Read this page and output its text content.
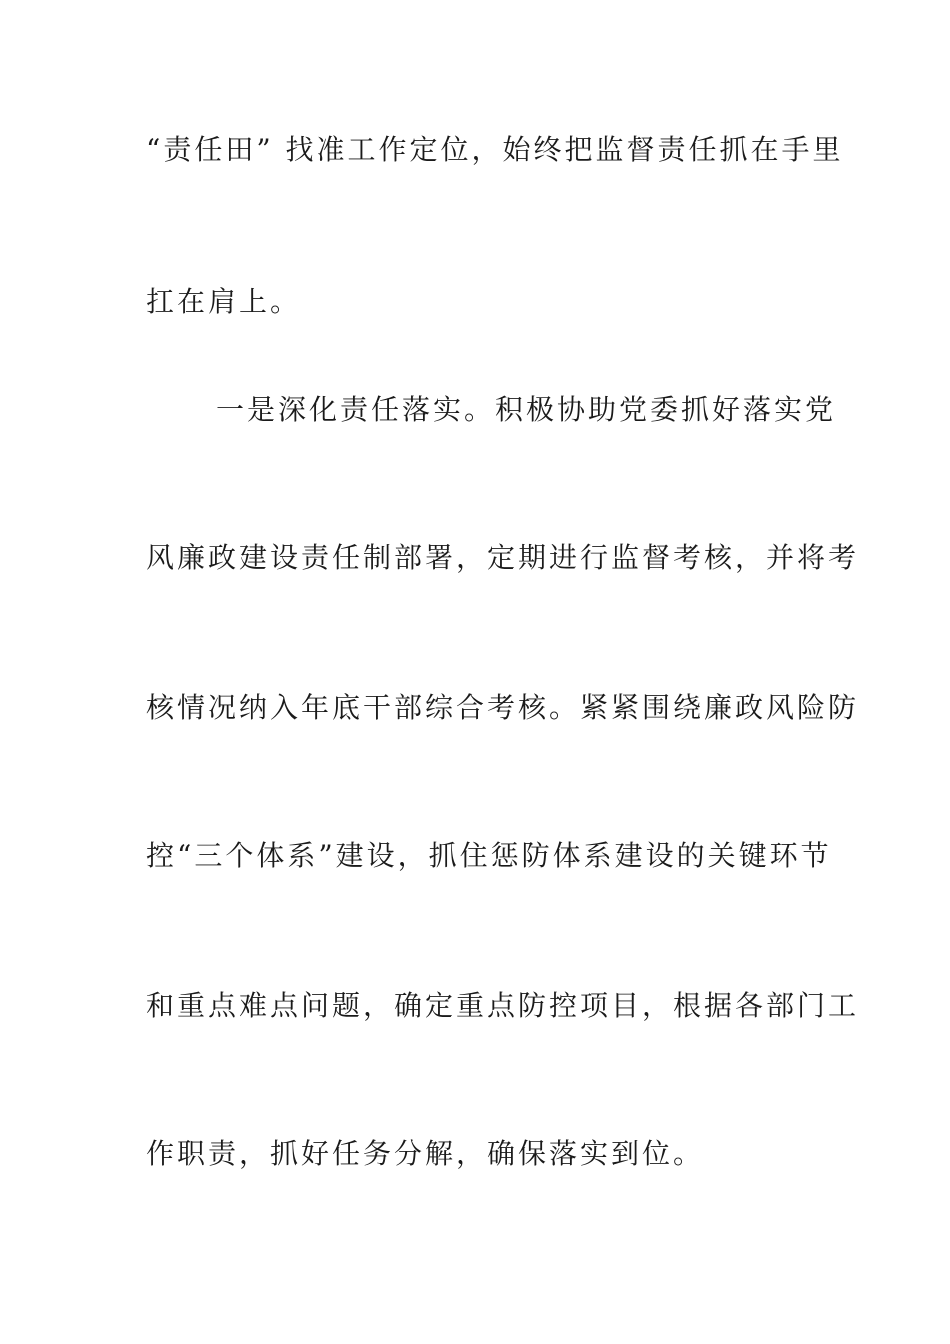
“责任田” 找准工作定位，始终把监督责任抓在手里
扛在肩上。
一是深化责任落实。积极协助党委抓好落实党
风廉政建设责任制部署，定期进行监督考核，并将考
核情况纳入年底干部综合考核。紧紧围绕廉政风险防
控“三个体系”建设，抓住惩防体系建设的关键环节
和重点难点问题，确定重点防控项目，根据各部门工
作职责，抓好任务分解，确保落实到位。
